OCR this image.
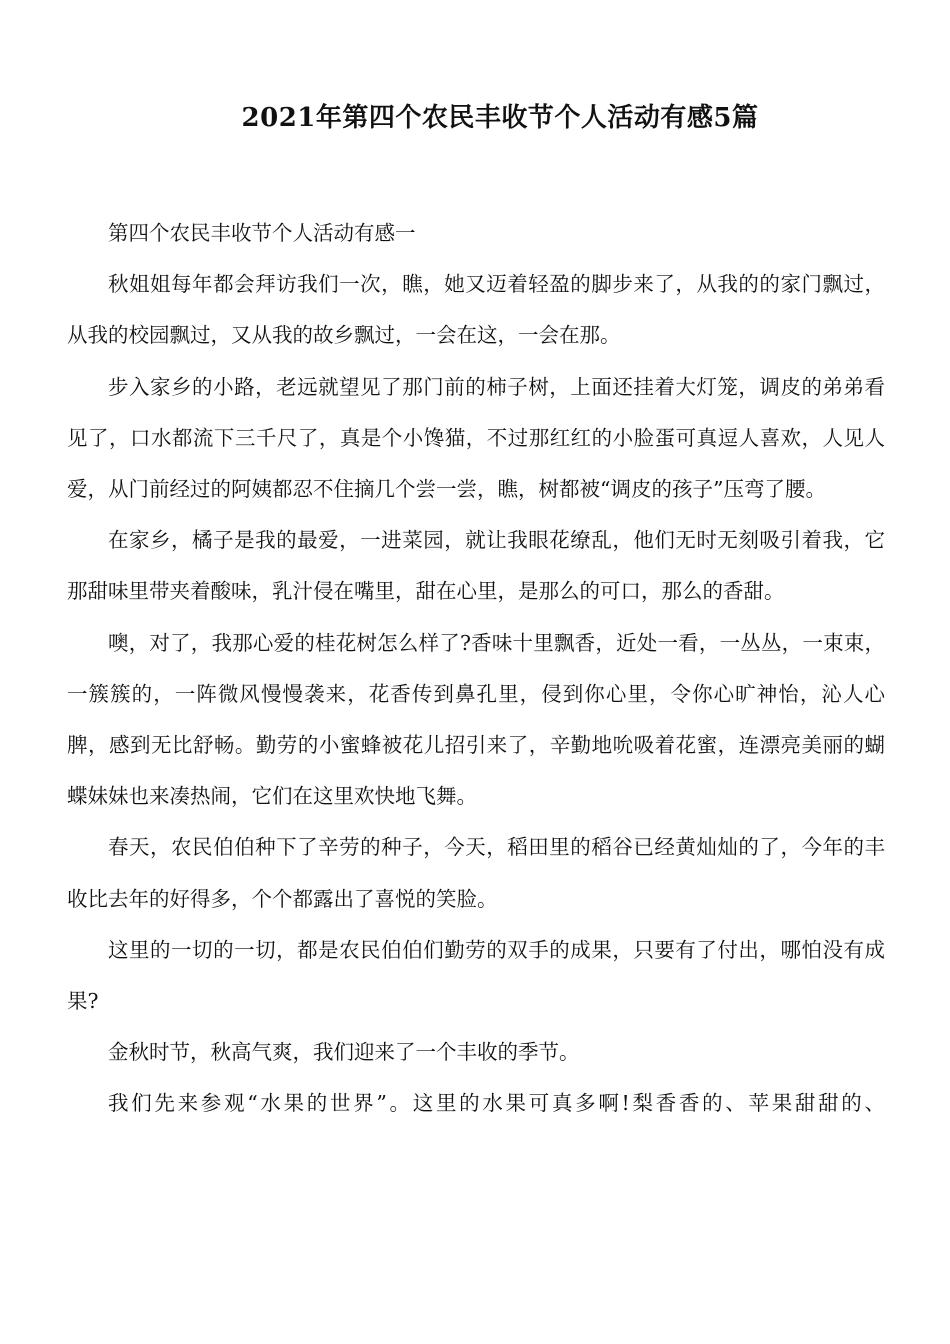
2021年第四个农民丰收节个人活动有感5篇

第四个农民丰收节个人活动有感一

秋姐姐每年都会拜访我们一次，瞧，她又迈着轻盈的脚步来了，从我的的家门飘过，从我的校园飘过，又从我的故乡飘过，一会在这，一会在那。

步入家乡的小路，老远就望见了那门前的柿子树，上面还挂着大灯笼，调皮的弟弟看见了，口水都流下三千尺了，真是个小馋猫，不过那红红的小脸蛋可真逗人喜欢，人见人爱，从门前经过的阿姨都忍不住摘几个尝一尝，瞧，树都被“调皮的孩子”压弯了腰。

在家乡，橘子是我的最爱，一进菜园，就让我眼花缭乱，他们无时无刻吸引着我，它那甜味里带夹着酸味，乳汁侵在嘴里，甜在心里，是那么的可口，那么的香甜。

噢，对了，我那心爱的桂花树怎么样了?香味十里飘香，近处一看，一丛丛，一束束，一簇簇的，一阵微风慢慢袭来，花香传到鼻孔里，侵到你心里，令你心旷神怡，沁人心脾，感到无比舒畅。勤劳的小蜜蜂被花儿招引来了，辛勤地吮吸着花蜜，连漂亮美丽的蝴蝶妹妹也来凑热闹，它们在这里欢快地飞舞。

春天，农民伯伯种下了辛劳的种子，今天，稻田里的稻谷已经黄灿灿的了，今年的丰收比去年的好得多，个个都露出了喜悦的笑脸。

这里的一切的一切，都是农民伯伯们勤劳的双手的成果，只要有了付出，哪怕没有成果?

金秋时节，秋高气爽，我们迎来了一个丰收的季节。

我们先来参观“水果的世界”。这里的水果可真多啊!梨香香的、苹果甜甜的、
